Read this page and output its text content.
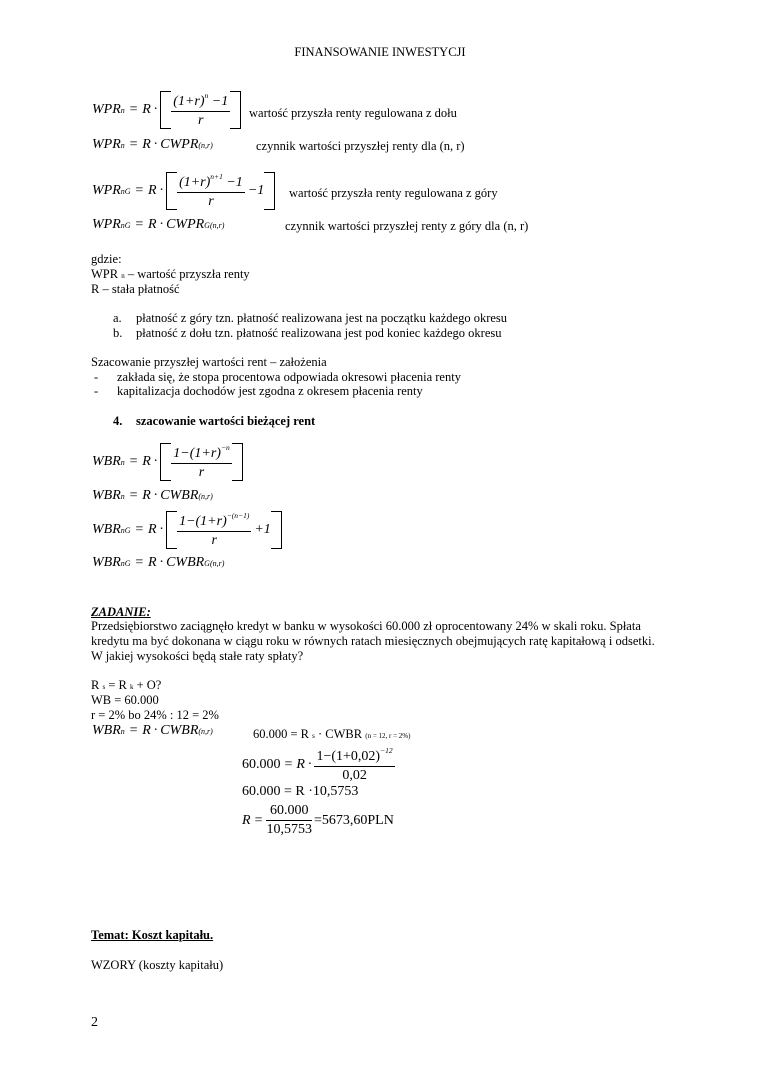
FINANSOWANIE INWESTYCJI
WPR $n = R \cdot \frac{(1+r)^n -1}{r}$ wartość przyszła renty regulowana z dołu
WPR n = R · CWPR (n,r)	czynnik wartości przyszłej renty dla (n, r)
WPR nG = $R \cdot \frac{(1+r)^{n+1} -1}{r} -1$ wartość przyszła renty regulowana z góry
WPR nG = R · CWPR G(n,r)	czynnik wartości przyszłej renty z góry dla (n, r)
gdzie:
WPR n – wartość przyszła renty
R – stała płatność
a. płatność z góry tzn. płatność realizowana jest na początku każdego okresu
b. płatność z dołu tzn. płatność realizowana jest pod koniec każdego okresu
Szacowanie przyszłej wartości rent – założenia
- zakłada się, że stopa procentowa odpowiada okresowi płacenia renty
- kapitalizacja dochodów jest zgodna z okresem płacenia renty
4. szacowanie wartości bieżącej rent
WBR $n = R \cdot \frac{1-(1+r)^{-n}}{r}$
WBR n = R · CWBR (n,r)
WBR nG = $R \cdot \frac{1-(1+r)^{-(n-1)}}{r} +1$
WBR nG = R · CWBR G(n,r)
ZADANIE:
Przedsiębiorstwo zaciągnęło kredyt w banku w wysokości 60.000 zł oprocentowany 24% w skali roku. Spłata
kredytu ma być dokonana w ciągu roku w równych ratach miesięcznych obejmujących ratę kapitałową i odsetki.
W jakiej wysokości będą stałe raty spłaty?
R s = R k + O?
WB = 60.000
r = 2% bo 24% : 12 = 2%
WBR n = R · CWBR (n,r)	60.000 = R s · CWBR (n = 12, r = 2%)
$60.000 = R \cdot \frac{1-(1+0,02)^{-12}}{0,02}$
60.000 = R ·10,5753
$R = \frac{60.000}{10,5753} =5673,60PLN$
Temat: Koszt kapitału.
WZORY (koszty kapitału)
2
